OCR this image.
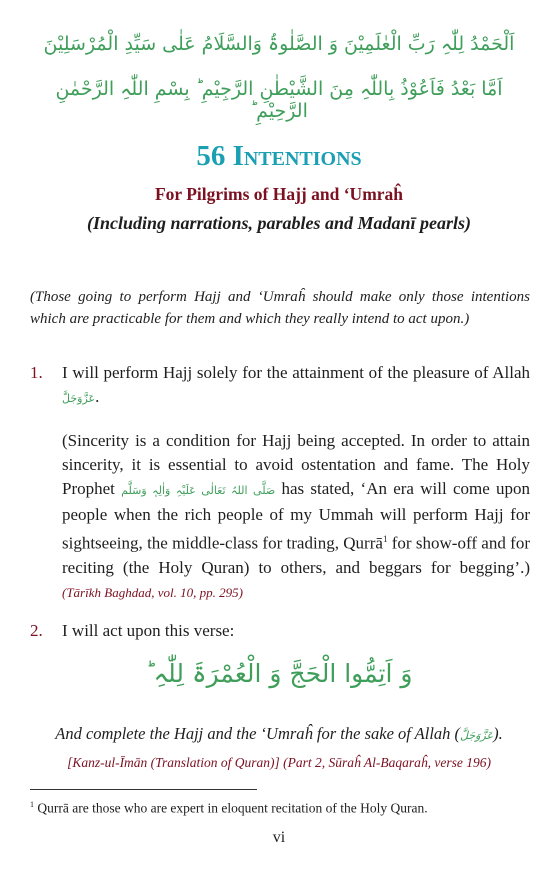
اَلْحَمْدُ لِلّٰہِ رَبِّ الْعٰلَمِیْنَ وَ الصَّلٰوۃُ وَالسَّلَامُ عَلٰی سَیِّدِ الْمُرْسَلِیْنَ
اَمَّا بَعْدُ فَاَعُوْذُ بِاللّٰہِ مِنَ الشَّیْطٰنِ الرَّجِیْمِ ؕ بِسْمِ اللّٰہِ الرَّحْمٰنِ الرَّحِیْمِ ؕ
56 Intentions
For Pilgrims of Hajj and ‘Umraĥ
(Including narrations, parables and Madanī pearls)
(Those going to perform Hajj and ‘Umraĥ should make only those intentions which are practicable for them and which they really intend to act upon.)
1. I will perform Hajj solely for the attainment of the pleasure of Allah عَزَّوَجَلَّ.
(Sincerity is a condition for Hajj being accepted. In order to attain sincerity, it is essential to avoid ostentation and fame. The Holy Prophet صَلَّی اللہُ تَعَالٰی عَلَیْہِ وَاٰلِہٖ وَسَلَّم has stated, ‘An era will come upon people when the rich people of my Ummah will perform Hajj for sightseeing, the middle-class for trading, Qurrā$^1$ for show-off and for reciting (the Holy Quran) to others, and beggars for begging’.) (Tārīkh Baghdad, vol. 10, pp. 295)
2. I will act upon this verse:
وَ اَتِمُّوا الْحَجَّ وَ الْعُمْرَۃَ لِلّٰہِ ؕ
And complete the Hajj and the ‘Umraĥ for the sake of Allah (عَزَّوَجَلَّ).
[Kanz-ul-Īmān (Translation of Quran)] (Part 2, Sūraĥ Al-Baqaraĥ, verse 196)
$^1$ Qurrā are those who are expert in eloquent recitation of the Holy Quran.
vi
